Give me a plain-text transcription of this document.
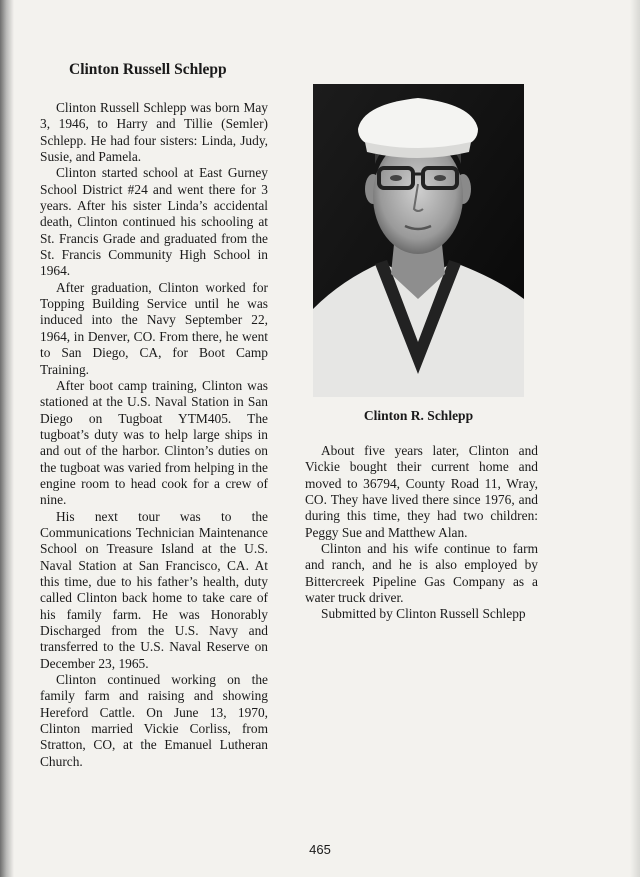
Clinton Russell Schlepp

Clinton Russell Schlepp was born May 3, 1946, to Harry and Tillie (Semler) Schlepp. He had four sisters: Linda, Judy, Susie, and Pamela.

Clinton started school at East Gurney School District #24 and went there for 3 years. After his sister Linda’s accidental death, Clinton continued his schooling at St. Francis Grade and graduated from the St. Francis Community High School in 1964.

After graduation, Clinton worked for Topping Building Service until he was induced into the Navy September 22, 1964, in Denver, CO. From there, he went to San Diego, CA, for Boot Camp Training.

After boot camp training, Clinton was stationed at the U.S. Naval Station in San Diego on Tugboat YTM405. The tugboat’s duty was to help large ships in and out of the harbor. Clinton’s duties on the tugboat was varied from helping in the engine room to head cook for a crew of nine.

His next tour was to the Communications Technician Maintenance School on Treasure Island at the U.S. Naval Station at San Francisco, CA. At this time, due to his father’s health, duty called Clinton back home to take care of his family farm. He was Honorably Discharged from the U.S. Navy and transferred to the U.S. Naval Reserve on December 23, 1965.

Clinton continued working on the family farm and raising and showing Hereford Cattle. On June 13, 1970, Clinton married Vickie Corliss, from Stratton, CO, at the Emanuel Lutheran Church.

Clinton R. Schlepp

About five years later, Clinton and Vickie bought their current home and moved to 36794, County Road 11, Wray, CO. They have lived there since 1976, and during this time, they had two children: Peggy Sue and Matthew Alan.

Clinton and his wife continue to farm and ranch, and he is also employed by Bittercreek Pipeline Gas Company as a water truck driver.

Submitted by Clinton Russell Schlepp

465
